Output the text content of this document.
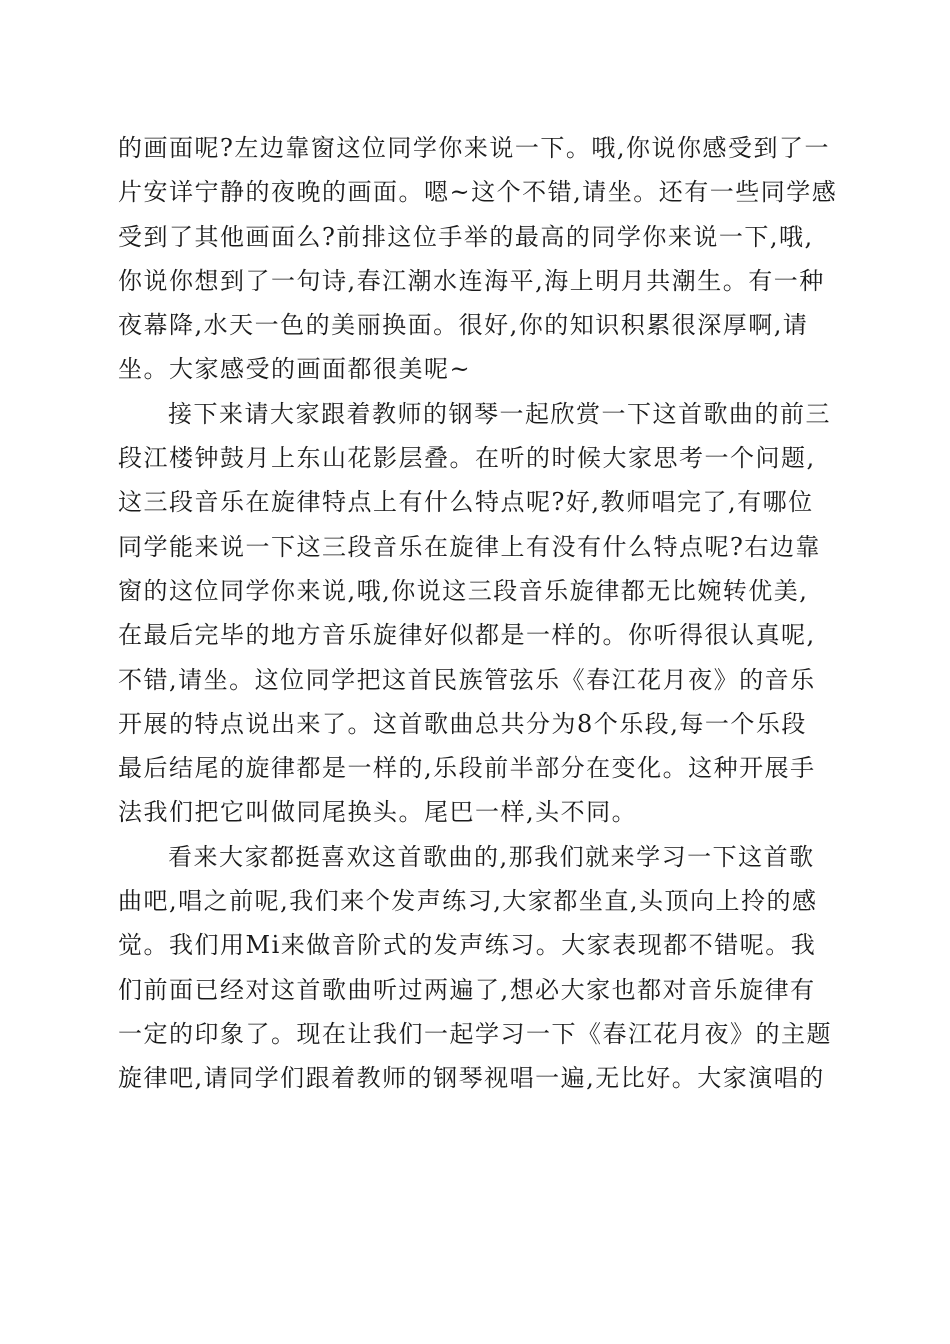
的画面呢?左边靠窗这位同学你来说一下。哦,你说你感受到了一
片安详宁静的夜晚的画面。嗯~这个不错,请坐。还有一些同学感
受到了其他画面么?前排这位手举的最高的同学你来说一下,哦,
你说你想到了一句诗,春江潮水连海平,海上明月共潮生。有一种
夜幕降,水天一色的美丽换面。很好,你的知识积累很深厚啊,请
坐。大家感受的画面都很美呢~
接下来请大家跟着教师的钢琴一起欣赏一下这首歌曲的前三
段江楼钟鼓月上东山花影层叠。在听的时候大家思考一个问题,
这三段音乐在旋律特点上有什么特点呢?好,教师唱完了,有哪位
同学能来说一下这三段音乐在旋律上有没有什么特点呢?右边靠
窗的这位同学你来说,哦,你说这三段音乐旋律都无比婉转优美,
在最后完毕的地方音乐旋律好似都是一样的。你听得很认真呢,
不错,请坐。这位同学把这首民族管弦乐《春江花月夜》的音乐
开展的特点说出来了。这首歌曲总共分为8个乐段,每一个乐段
最后结尾的旋律都是一样的,乐段前半部分在变化。这种开展手
法我们把它叫做同尾换头。尾巴一样,头不同。
看来大家都挺喜欢这首歌曲的,那我们就来学习一下这首歌
曲吧,唱之前呢,我们来个发声练习,大家都坐直,头顶向上拎的感
觉。我们用Mi来做音阶式的发声练习。大家表现都不错呢。我
们前面已经对这首歌曲听过两遍了,想必大家也都对音乐旋律有
一定的印象了。现在让我们一起学习一下《春江花月夜》的主题
旋律吧,请同学们跟着教师的钢琴视唱一遍,无比好。大家演唱的
